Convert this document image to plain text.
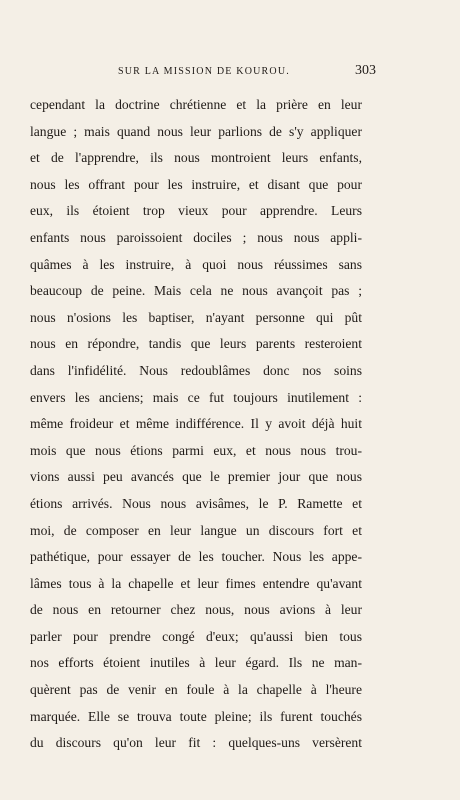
SUR LA MISSION DE KOUROU.	303
cependant la doctrine chrétienne et la prière en leur
langue ; mais quand nous leur parlions de s'y appliquer
et de l'apprendre, ils nous montroient leurs enfants,
nous les offrant pour les instruire, et disant que pour
eux, ils étoient trop vieux pour apprendre. Leurs
enfants nous paroissoient dociles ; nous nous appli-
quâmes à les instruire, à quoi nous réussimes sans
beaucoup de peine. Mais cela ne nous avançoit pas ;
nous n'osions les baptiser, n'ayant personne qui pût
nous en répondre, tandis que leurs parents resteroient
dans l'infidélité. Nous redoublâmes donc nos soins
envers les anciens; mais ce fut toujours inutilement :
même froideur et même indifférence. Il y avoit déjà huit
mois que nous étions parmi eux, et nous nous trou-
vions aussi peu avancés que le premier jour que nous
étions arrivés. Nous nous avisâmes, le P. Ramette et
moi, de composer en leur langue un discours fort et
pathétique, pour essayer de les toucher. Nous les appe-
lâmes tous à la chapelle et leur fimes entendre qu'avant
de nous en retourner chez nous, nous avions à leur
parler pour prendre congé d'eux; qu'aussi bien tous
nos efforts étoient inutiles à leur égard. Ils ne man-
quèrent pas de venir en foule à la chapelle à l'heure
marquée. Elle se trouva toute pleine; ils furent touchés
du discours qu'on leur fit : quelques-uns versèrent
